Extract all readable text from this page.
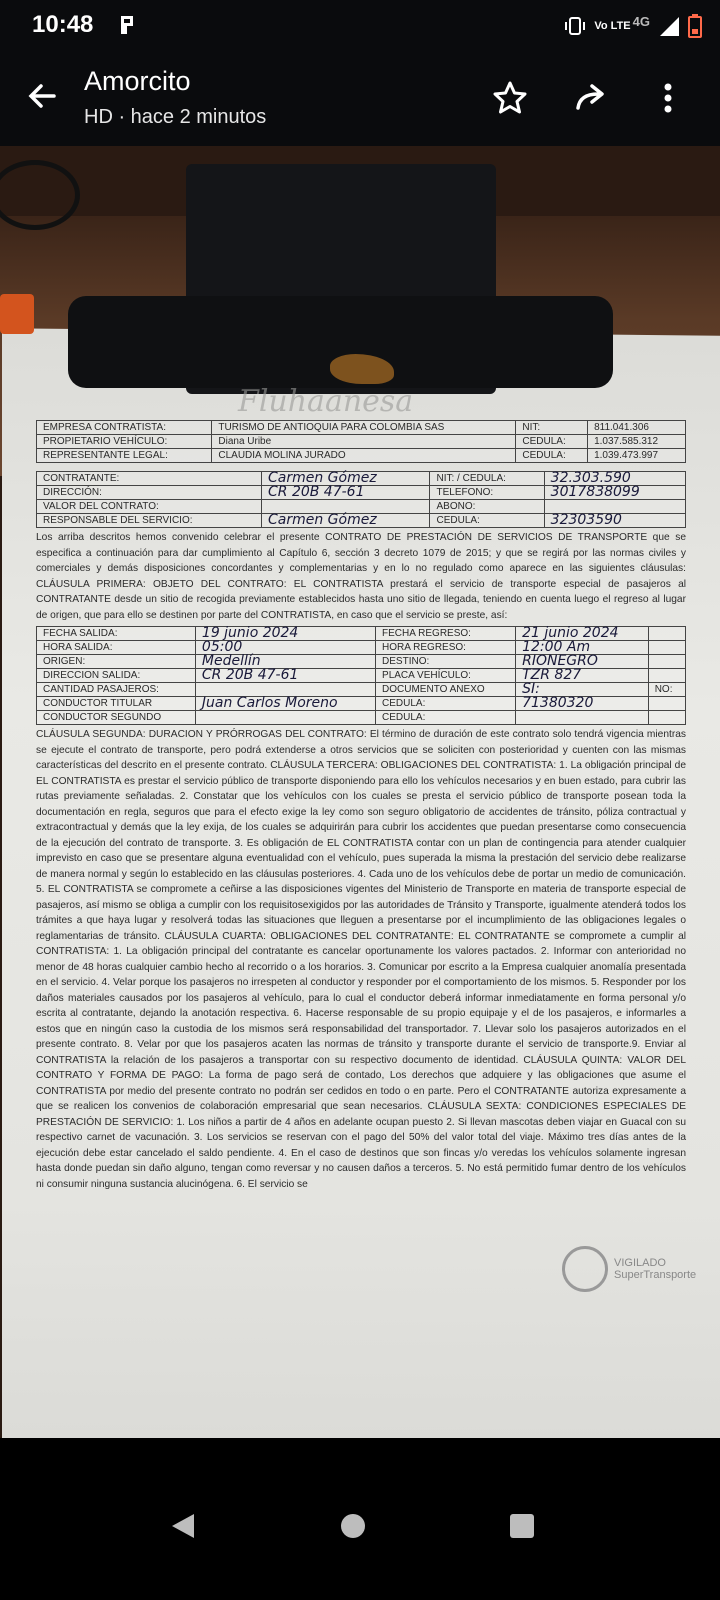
10:48	Vo LTE 4G
Amorcito
HD · hace 2 minutos
Fluhaanesa
EMPRESA CONTRATISTA:	TURISMO DE ANTIOQUIA PARA COLOMBIA SAS	NIT:	811.041.306
PROPIETARIO VEHÍCULO:	Diana Uribe	CEDULA:	1.037.585.312
REPRESENTANTE LEGAL:	CLAUDIA MOLINA JURADO	CEDULA:	1.039.473.997
CONTRATANTE:	Carmen Gómez	NIT: / CEDULA:	32.303.590
DIRECCIÓN:	CR 20B 47-61	TELEFONO:	3017838099
VALOR DEL CONTRATO:		ABONO:	
RESPONSABLE DEL SERVICIO:	Carmen Gómez	CEDULA:	32303590

Los arriba descritos hemos convenido celebrar el presente CONTRATO DE PRESTACIÓN DE SERVICIOS DE TRANSPORTE que se especifica a continuación para dar cumplimiento al Capítulo 6, sección 3 decreto 1079 de 2015; y que se regirá por las normas civiles y comerciales y demás disposiciones concordantes y complementarias y en lo no regulado como aparece en las siguientes cláusulas: CLÁUSULA PRIMERA: OBJETO DEL CONTRATO: EL CONTRATISTA prestará el servicio de transporte especial de pasajeros al CONTRATANTE desde un sitio de recogida previamente establecidos hasta uno sitio de llegada, teniendo en cuenta luego el regreso al lugar de origen, que para ello se destinen por parte del CONTRATISTA, en caso que el servicio se preste, así:

FECHA SALIDA:	19 junio 2024	FECHA REGRESO:	21 junio 2024	
HORA SALIDA:	05:00	HORA REGRESO:	12:00 Am	
ORIGEN:	Medellín	DESTINO:	RIONEGRO	
DIRECCION SALIDA:	CR 20B 47-61	PLACA VEHÍCULO:	TZR 827	
CANTIDAD PASAJEROS:		DOCUMENTO ANEXO	SI:	NO:
CONDUCTOR TITULAR	Juan Carlos Moreno	CEDULA:	71380320	
CONDUCTOR SEGUNDO		CEDULA:		

CLÁUSULA SEGUNDA: DURACION Y PRÓRROGAS DEL CONTRATO: El término de duración de este contrato solo tendrá vigencia mientras se ejecute el contrato de transporte, pero podrá extenderse a otros servicios que se soliciten con posterioridad y cuenten con las mismas características del descrito en el presente contrato. CLÁUSULA TERCERA: OBLIGACIONES DEL CONTRATISTA: 1. La obligación principal de EL CONTRATISTA es prestar el servicio público de transporte disponiendo para ello los vehículos necesarios y en buen estado, para cubrir las rutas previamente señaladas. 2. Constatar que los vehículos con los cuales se presta el servicio público de transporte posean toda la documentación en regla, seguros que para el efecto exige la ley como son seguro obligatorio de accidentes de tránsito, póliza contractual y extracontractual y demás que la ley exija, de los cuales se adquirirán para cubrir los accidentes que puedan presentarse como consecuencia de la ejecución del contrato de transporte. 3. Es obligación de EL CONTRATISTA contar con un plan de contingencia para atender cualquier imprevisto en caso que se presentare alguna eventualidad con el vehículo, pues superada la misma la prestación del servicio debe realizarse de manera normal y según lo establecido en las cláusulas posteriores. 4. Cada uno de los vehículos debe de portar un medio de comunicación. 5. EL CONTRATISTA se compromete a ceñirse a las disposiciones vigentes del Ministerio de Transporte en materia de transporte especial de pasajeros, así mismo se obliga a cumplir con los requisitosexigidos por las autoridades de Tránsito y Transporte, igualmente atenderá todos los trámites a que haya lugar y resolverá todas las situaciones que lleguen a presentarse por el incumplimiento de las obligaciones legales o reglamentarias de tránsito. CLÁUSULA CUARTA: OBLIGACIONES DEL CONTRATANTE: EL CONTRATANTE se compromete a cumplir al CONTRATISTA: 1. La obligación principal del contratante es cancelar oportunamente los valores pactados. 2. Informar con anterioridad no menor de 48 horas cualquier cambio hecho al recorrido o a los horarios. 3. Comunicar por escrito a la Empresa cualquier anomalía presentada en el servicio. 4. Velar porque los pasajeros no irrespeten al conductor y responder por el comportamiento de los mismos. 5. Responder por los daños materiales causados por los pasajeros al vehículo, para lo cual el conductor deberá informar inmediatamente en forma personal y/o escrita al contratante, dejando la anotación respectiva. 6. Hacerse responsable de su propio equipaje y el de los pasajeros, e informarles a estos que en ningún caso la custodia de los mismos será responsabilidad del transportador. 7. Llevar solo los pasajeros autorizados en el presente contrato. 8. Velar por que los pasajeros acaten las normas de tránsito y transporte durante el servicio de transporte.9. Enviar al CONTRATISTA la relación de los pasajeros a transportar con su respectivo documento de identidad. CLÁUSULA QUINTA: VALOR DEL CONTRATO Y FORMA DE PAGO: La forma de pago será de contado, Los derechos que adquiere y las obligaciones que asume el CONTRATISTA por medio del presente contrato no podrán ser cedidos en todo o en parte. Pero el CONTRATANTE autoriza expresamente a que se realicen los convenios de colaboración empresarial que sean necesarios. CLÁUSULA SEXTA: CONDICIONES ESPECIALES DE PRESTACIÓN DE SERVICIO: 1. Los niños a partir de 4 años en adelante ocupan puesto 2. Si llevan mascotas deben viajar en Guacal con su respectivo carnet de vacunación. 3. Los servicios se reservan con el pago del 50% del valor total del viaje. Máximo tres días antes de la ejecución debe estar cancelado el saldo pendiente. 4. En el caso de destinos que son fincas y/o veredas los vehículos solamente ingresan hasta donde puedan sin daño alguno, tengan como reversar y no causen daños a terceros. 5. No está permitido fumar dentro de los vehículos ni consumir ninguna sustancia alucinógena. 6. El servicio se

VIGILADO
SuperTransporte
